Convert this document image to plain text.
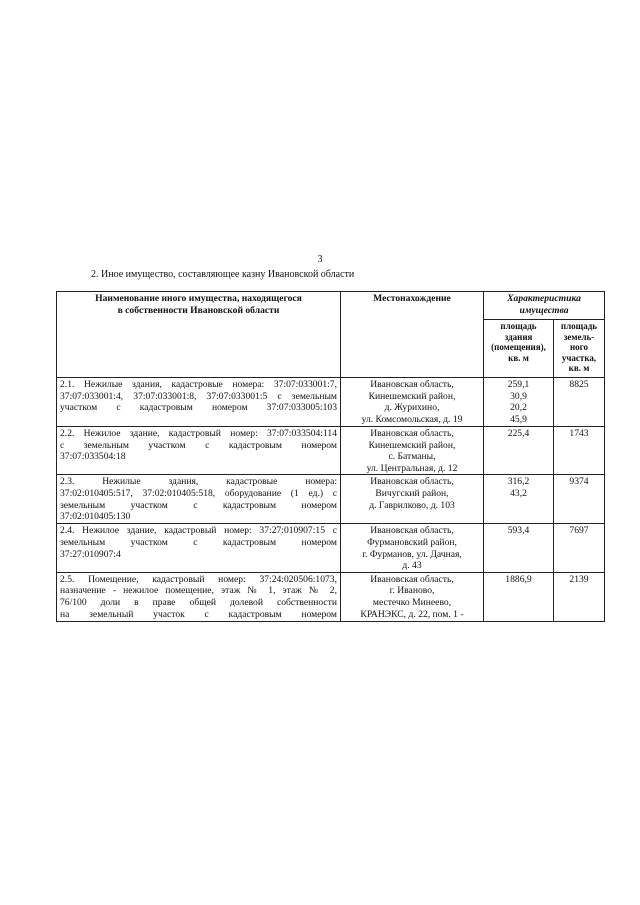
3
2. Иное имущество, составляющее казну Ивановской области
Наименование иного имущества, находящегося
в собственности Ивановской области	Местонахождение	Характеристика
имущества	

		площадь
здания
(помещения),
кв. м	площадь
земель-
ного
участка,
кв. м

2.1. Нежилые здания, кадастровые номера: 37:07:033001:7,
37:07:033001:4, 37:07:033001:8, 37:07:033001:5 с земельным
участком с кадастровым номером 37:07:033005:103	Ивановская область,
Кинешемский район,
д. Журихино,
ул. Комсомольская, д. 19	259,1
30,9
20,2
45,9	8825

2.2. Нежилое здание, кадастровый номер: 37:07:033504:114
с земельным участком с кадастровым номером
37:07:033504:18	Ивановская область,
Кинешемский район,
с. Батманы,
ул. Центральная, д. 12	225,4	1743

2.3. Нежилые здания, кадастровые номера:
37:02:010405:517, 37:02:010405:518, оборудование (1 ед.) с
земельным участком с кадастровым номером
37:02:010405:130	Ивановская область,
Вичугский район,
д. Гаврилково, д. 103	316,2
43,2	9374

2.4. Нежилое здание, кадастровый номер: 37:27:010907:15 с
земельным участком с кадастровым номером
37:27:010907:4	Ивановская область,
Фурмановский район,
г. Фурманов, ул. Дачная,
д. 43	593,4	7697

2.5. Помещение, кадастровый номер: 37:24:020506:1073,
назначение - нежилое помещение, этаж № 1, этаж № 2,
76/100 доли в праве общей долевой собственности
на земельный участок с кадастровым номером	Ивановская область,
г. Иваново,
местечко Минеево,
КРАНЭКС, д. 22, пом. 1 -	1886,9	2139
